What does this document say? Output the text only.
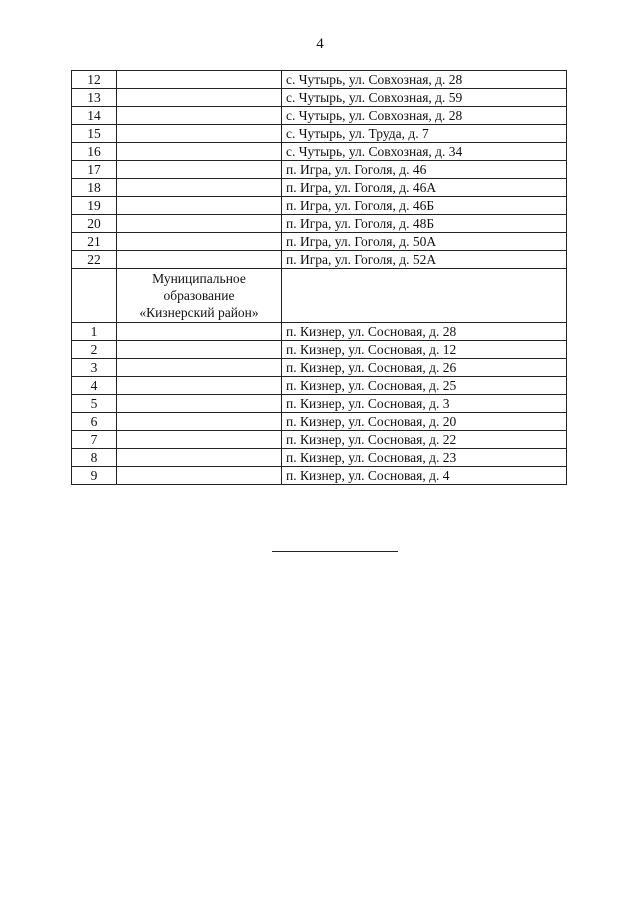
4
12		с. Чутырь, ул. Совхозная, д. 28
13		с. Чутырь, ул. Совхозная, д. 59
14		с. Чутырь, ул. Совхозная, д. 28
15		с. Чутырь, ул. Труда, д. 7
16		с. Чутырь, ул. Совхозная, д. 34
17		п. Игра, ул. Гоголя, д. 46
18		п. Игра, ул. Гоголя, д. 46А
19		п. Игра, ул. Гоголя, д. 46Б
20		п. Игра, ул. Гоголя, д. 48Б
21		п. Игра, ул. Гоголя, д. 50А
22		п. Игра, ул. Гоголя, д. 52А
	Муниципальное
образование
«Кизнерский район»	
1		п. Кизнер, ул. Сосновая, д. 28
2		п. Кизнер, ул. Сосновая, д. 12
3		п. Кизнер, ул. Сосновая, д. 26
4		п. Кизнер, ул. Сосновая, д. 25
5		п. Кизнер, ул. Сосновая, д. 3
6		п. Кизнер, ул. Сосновая, д. 20
7		п. Кизнер, ул. Сосновая, д. 22
8		п. Кизнер, ул. Сосновая, д. 23
9		п. Кизнер, ул. Сосновая, д. 4
